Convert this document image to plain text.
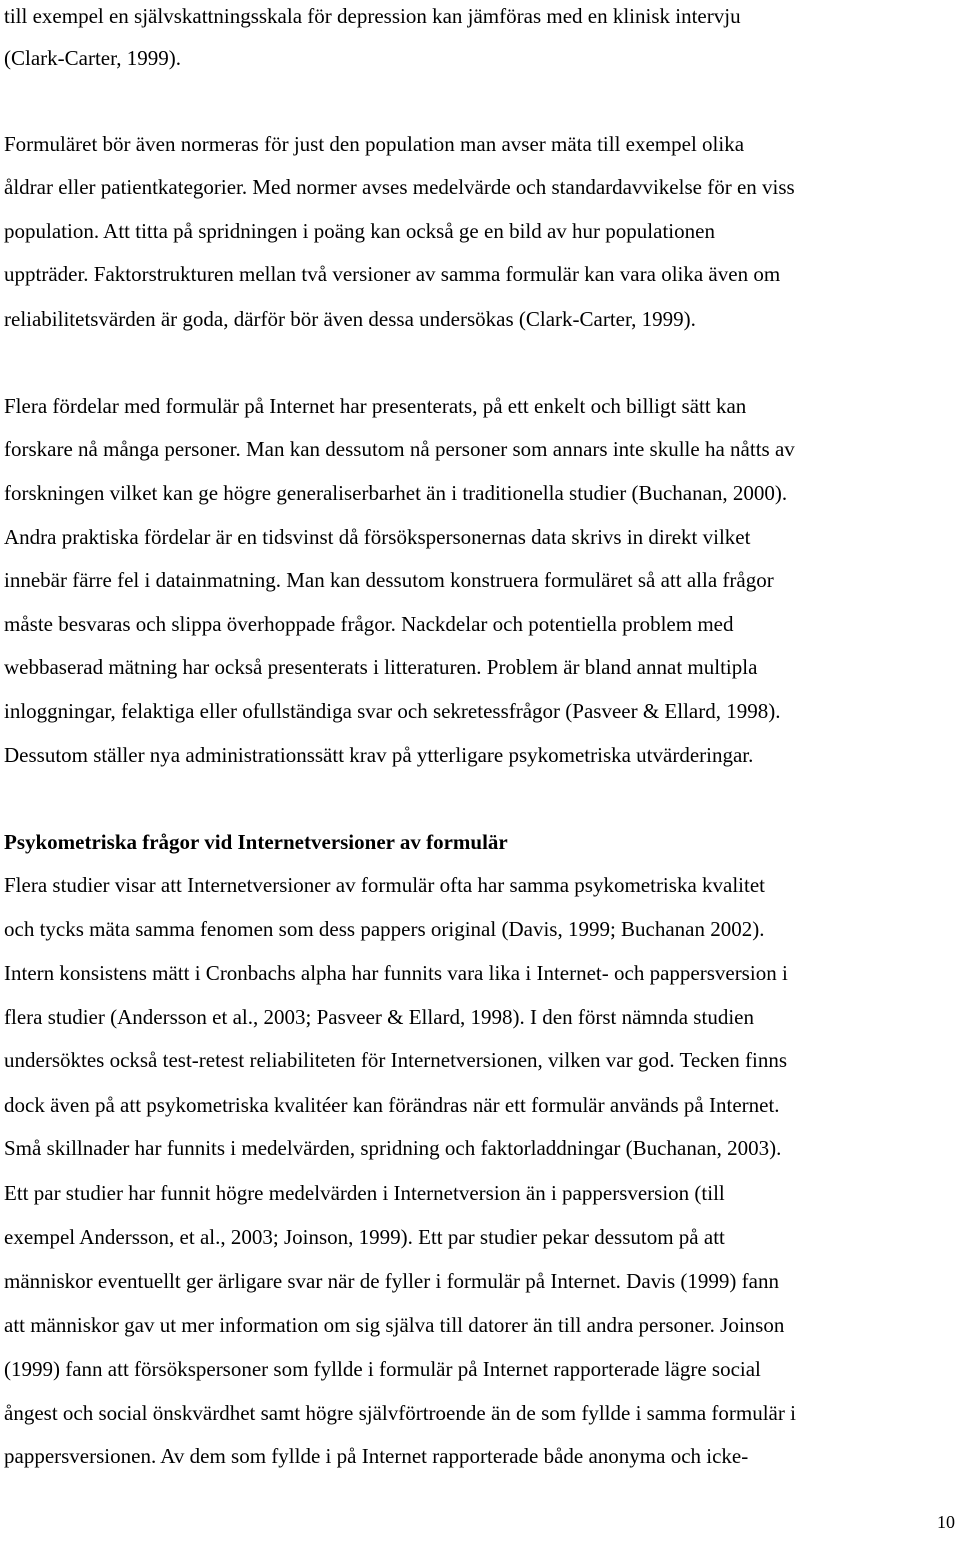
till exempel en självskattningsskala för depression kan jämföras med en klinisk intervju
(Clark-Carter, 1999).
Formuläret bör även normeras för just den population man avser mäta till exempel olika
åldrar eller patientkategorier. Med normer avses medelvärde och standardavvikelse för en viss
population. Att titta på spridningen i poäng kan också ge en bild av hur populationen
uppträder. Faktorstrukturen mellan två versioner av samma formulär kan vara olika även om
reliabilitetsvärden är goda, därför bör även dessa undersökas (Clark-Carter, 1999).
Flera fördelar med formulär på Internet har presenterats, på ett enkelt och billigt sätt kan
forskare nå många personer. Man kan dessutom nå personer som annars inte skulle ha nåtts av
forskningen vilket kan ge högre generaliserbarhet än i traditionella studier (Buchanan, 2000).
Andra praktiska fördelar är en tidsvinst då försökspersonernas data skrivs in direkt vilket
innebär färre fel i datainmatning. Man kan dessutom konstruera formuläret så att alla frågor
måste besvaras och slippa överhoppade frågor. Nackdelar och potentiella problem med
webbaserad mätning har också presenterats i litteraturen. Problem är bland annat multipla
inloggningar, felaktiga eller ofullständiga svar och sekretessfrågor (Pasveer & Ellard, 1998).
Dessutom ställer nya administrationssätt krav på ytterligare psykometriska utvärderingar.
Psykometriska frågor vid Internetversioner av formulär
Flera studier visar att Internetversioner av formulär ofta har samma psykometriska kvalitet
och tycks mäta samma fenomen som dess pappers original (Davis, 1999; Buchanan 2002).
Intern konsistens mätt i Cronbachs alpha har funnits vara lika i Internet- och pappersversion i
flera studier (Andersson et al., 2003; Pasveer & Ellard, 1998). I den först nämnda studien
undersöktes också test-retest reliabiliteten för Internetversionen, vilken var god. Tecken finns
dock även på att psykometriska kvalitéer kan förändras när ett formulär används på Internet.
Små skillnader har funnits i medelvärden, spridning och faktorladdningar (Buchanan, 2003).
Ett par studier har funnit högre medelvärden i Internetversion än i pappersversion (till
exempel Andersson, et al., 2003; Joinson, 1999). Ett par studier pekar dessutom på att
människor eventuellt ger ärligare svar när de fyller i formulär på Internet. Davis (1999) fann
att människor gav ut mer information om sig själva till datorer än till andra personer. Joinson
(1999) fann att försökspersoner som fyllde i formulär på Internet rapporterade lägre social
ångest och social önskvärdhet samt högre självförtroende än de som fyllde i samma formulär i
pappersversionen. Av dem som fyllde i på Internet rapporterade både anonyma och icke-
10
